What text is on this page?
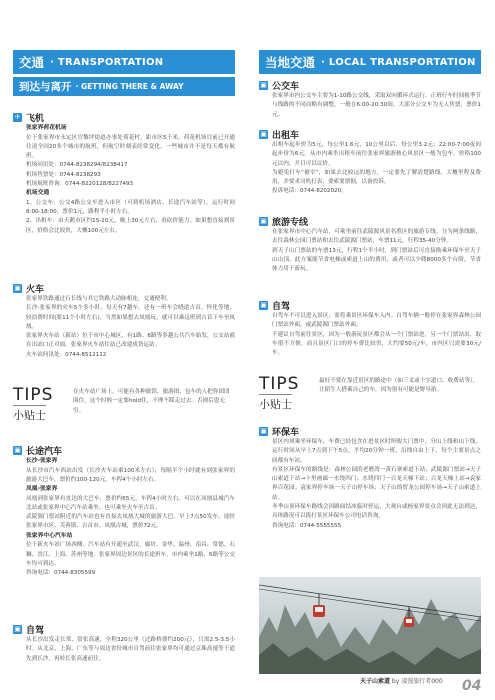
交通 · TRANSPORTATION
到达与离开 · GETTING THERE & AWAY
✈ 飞机
张家界荷花机场
位于张家界市永定区官黎坪街道办事处荷花村，距市区5千米。荷花机场目前已开通往返全国20多个城市的航班，但航空时刻表经常变化，一些城市并不是每天都有航班。
机场问讯处：0744-8238294/8238417
机场售票处：0744-8238293
机场航班咨询：0744-8220128/8227493
机场交通
1、公交车：公交4路公交车进入市区（可到机场酒店、长途汽车站等），运行时间8:00-18:00，票价1元，路程半小时左右。
2、出租车：由天鹅市区约15-20元，晚上30元左右，看砍价能力。如果想直接到景区，价格会比较贵，大概100元左右。
▣ 火车
张家界铁路通过石长线与其它铁路大动脉相连，交通便利。
长沙-张家界的火车5个多小时，每天有7趟车。还有一班车会晓道吉首、怀化等地，较浪费时间(要11个小时左右)，当然如果想去凤凰玩，就可以乘这班到吉首下车至凤凰。
张家界火车站（新站）位于市中心城区，有1路、6路等多趟公共汽车始发，公交站就在出站口正对面。张家界火车站往站已改建成货运站。
火车站问讯处：0744-8512112
TIPS
小贴士
在火车站广场上，可能有各种旅馆、旅游团、包车的人把你团团围住，这个时候一定要hold住，不理不睬走过去。否则后患无穷。
▣ 长途汽车
长沙-张家界
从长沙市汽车西站出发（长沙火车站乘100米左右），每隔半个小时就有到张家界的旅游大巴车，票价约100-120元，车程4个小时左右。
凤凰-张家界
凤凰到张家界有直达的大巴车，票价约65元，车程4小时左右。可以在凤凰县城汽车北站或张家界中心汽车站乘坐。也可乘坐火车至吉首。
武陵源门票站附近的汽车站也有直接去凤凰大城的旅游大巴，早上7点50发车，途经张家界市区、芙蓉镇、吉首市、凤凰古城，票价72元。
张家界中心汽车站
位于新火车站广场西侧。汽车站有开通至武汉、廊坊、金华、温州、南昌、常德、石狮、晋江、上海、苏州等地。张家界周边景区的长途班车，市内乘坐1路、6路等公交车均可到达。
咨询电话：0744-8305599
▣ 自驾
从长沙出发走长常、常张高速，全程320公里（过路桥费约200元），只需2.5-3.5小时。从北京、上海、广东等与周边省份城市自驾前往张家界均可通过京珠高速等干道先到长沙，再转长张高速前往。
当地交通 · LOCAL TRANSPORTATION
▣ 公交车
张家界市内公交车主要为1-10路公交线，采取双向循环式运行。正班行车时间视季节与线路的不同而略有调整，一般在6:00-20:30间。大部分公交车为无人售票，票价1元。
▣ 出租车
出租车起步价为5元，每公里1.6元，10公里以后，每公里3.2元；22:00-7:00夜间起步价为6元。从市内乘坐出租车前往张家界旅游核心风景区一般为包车，价格100元以内，开目可以议价。
为避免打车“被宰”，如果去比较远的地方，一定要先了解清楚路线、大概里程及费用，并要求司机打表，要索要票据，以备投诉。
投诉电话：0744-8202020。
▣ 旅游专线
在张家界市中心汽车站，可乘坐前往武陵源风景名胜区的旅游专线。分为两条线路，去往森林公园门票站和去往武陵源门票站，车票11元，行程35-40分钟。
到天子山门票站的车票13元，行程1个半小时，到门票站后可直接换乘环保车至天子山山顶。此方案能节省电梯或索道上山的费用，或者可以少爬8000多个台阶，节省体力用于游玩。
▣ 自驾
自驾车不可以进入景区，需将乘景区环保车入内。自驾车辆一般停在张家界森林公园门票站外面，或武陵源门票站外面。
不建议自驾前往景区，因为一般游玩景区都会从一个门票站进，另一个门票站出，取车很不方便。而且景区门口的停车费比较贵，大约要50元/车，市内区只需要30元/车。
TIPS
小贴士
最好不要在靠近景区的路途中（如三叉或十字道口、收费站等），让陌生人搭乘自己的车，因为很有可能是野导游。
▣ 环保车
景区内须乘坐环保车，车费已经包含在进景区时所购大门票中，分山上线和山下线，运行时间从早上7点到下午5点，平均20分钟一班，沿线自由上下，每个主要景点之间都有车站。
有景区环保车的路线是：森林公园的老磨湾一黄石寨索道下站；武陵源门票站→天子山索道下站→十里画廊一水绕四门；水绕四门一百龙天梯下站；百龙天梯上站→袁家界百花园；袁家界停车场一天子山停车场；天子山的贺龙公园停车场→天子山索道上站。
冬季山顶环保车路线会因路面结冰临时停运，大观台或杨家界景点会因此无法到达，具体路况可以拨打景区环保车公司电话咨询。
咨询电话：0744-5555555
天子山索道 by 凌漫旅行者000 04
